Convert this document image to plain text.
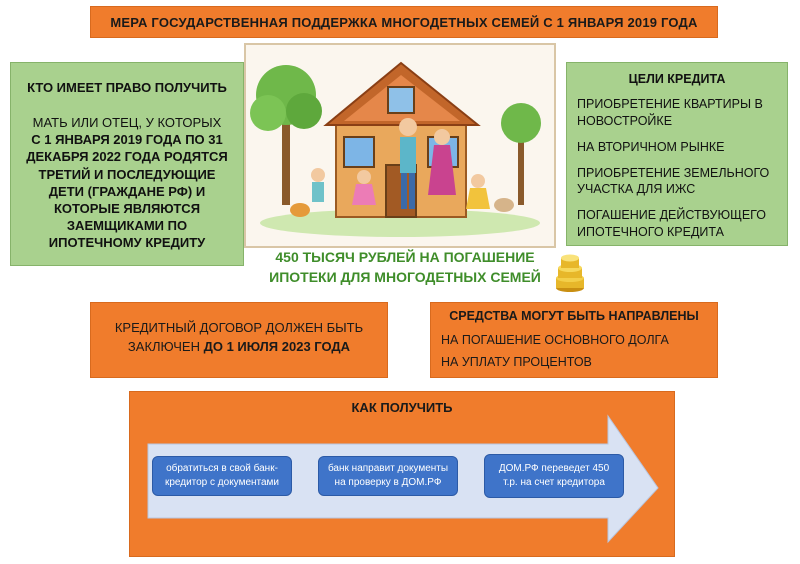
МЕРА ГОСУДАРСТВЕННАЯ ПОДДЕРЖКА МНОГОДЕТНЫХ СЕМЕЙ С 1 ЯНВАРЯ 2019 ГОДА
КТО ИМЕЕТ ПРАВО ПОЛУЧИТЬ
МАТЬ ИЛИ ОТЕЦ, У КОТОРЫХ
С 1 ЯНВАРЯ 2019 ГОДА ПО 31 ДЕКАБРЯ 2022 ГОДА РОДЯТСЯ ТРЕТИЙ И ПОСЛЕДУЮЩИЕ ДЕТИ (ГРАЖДАНЕ РФ) И КОТОРЫЕ ЯВЛЯЮТСЯ ЗАЕМЩИКАМИ ПО ИПОТЕЧНОМУ КРЕДИТУ
ЦЕЛИ КРЕДИТА
ПРИОБРЕТЕНИЕ КВАРТИРЫ В НОВОСТРОЙКЕ
НА ВТОРИЧНОМ РЫНКЕ
ПРИОБРЕТЕНИЕ ЗЕМЕЛЬНОГО УЧАСТКА ДЛЯ ИЖС
ПОГАШЕНИЕ ДЕЙСТВУЮЩЕГО ИПОТЕЧНОГО КРЕДИТА
450 ТЫСЯЧ РУБЛЕЙ НА ПОГАШЕНИЕ
ИПОТЕКИ ДЛЯ МНОГОДЕТНЫХ СЕМЕЙ
КРЕДИТНЫЙ ДОГОВОР ДОЛЖЕН БЫТЬ ЗАКЛЮЧЕН ДО 1 ИЮЛЯ 2023 ГОДА
СРЕДСТВА МОГУТ БЫТЬ НАПРАВЛЕНЫ
НА ПОГАШЕНИЕ ОСНОВНОГО ДОЛГА
НА УПЛАТУ ПРОЦЕНТОВ
КАК ПОЛУЧИТЬ
обратиться в свой банк-кредитор с документами
банк направит документы на проверку в ДОМ.РФ
ДОМ.РФ переведет 450 т.р. на счет кредитора
